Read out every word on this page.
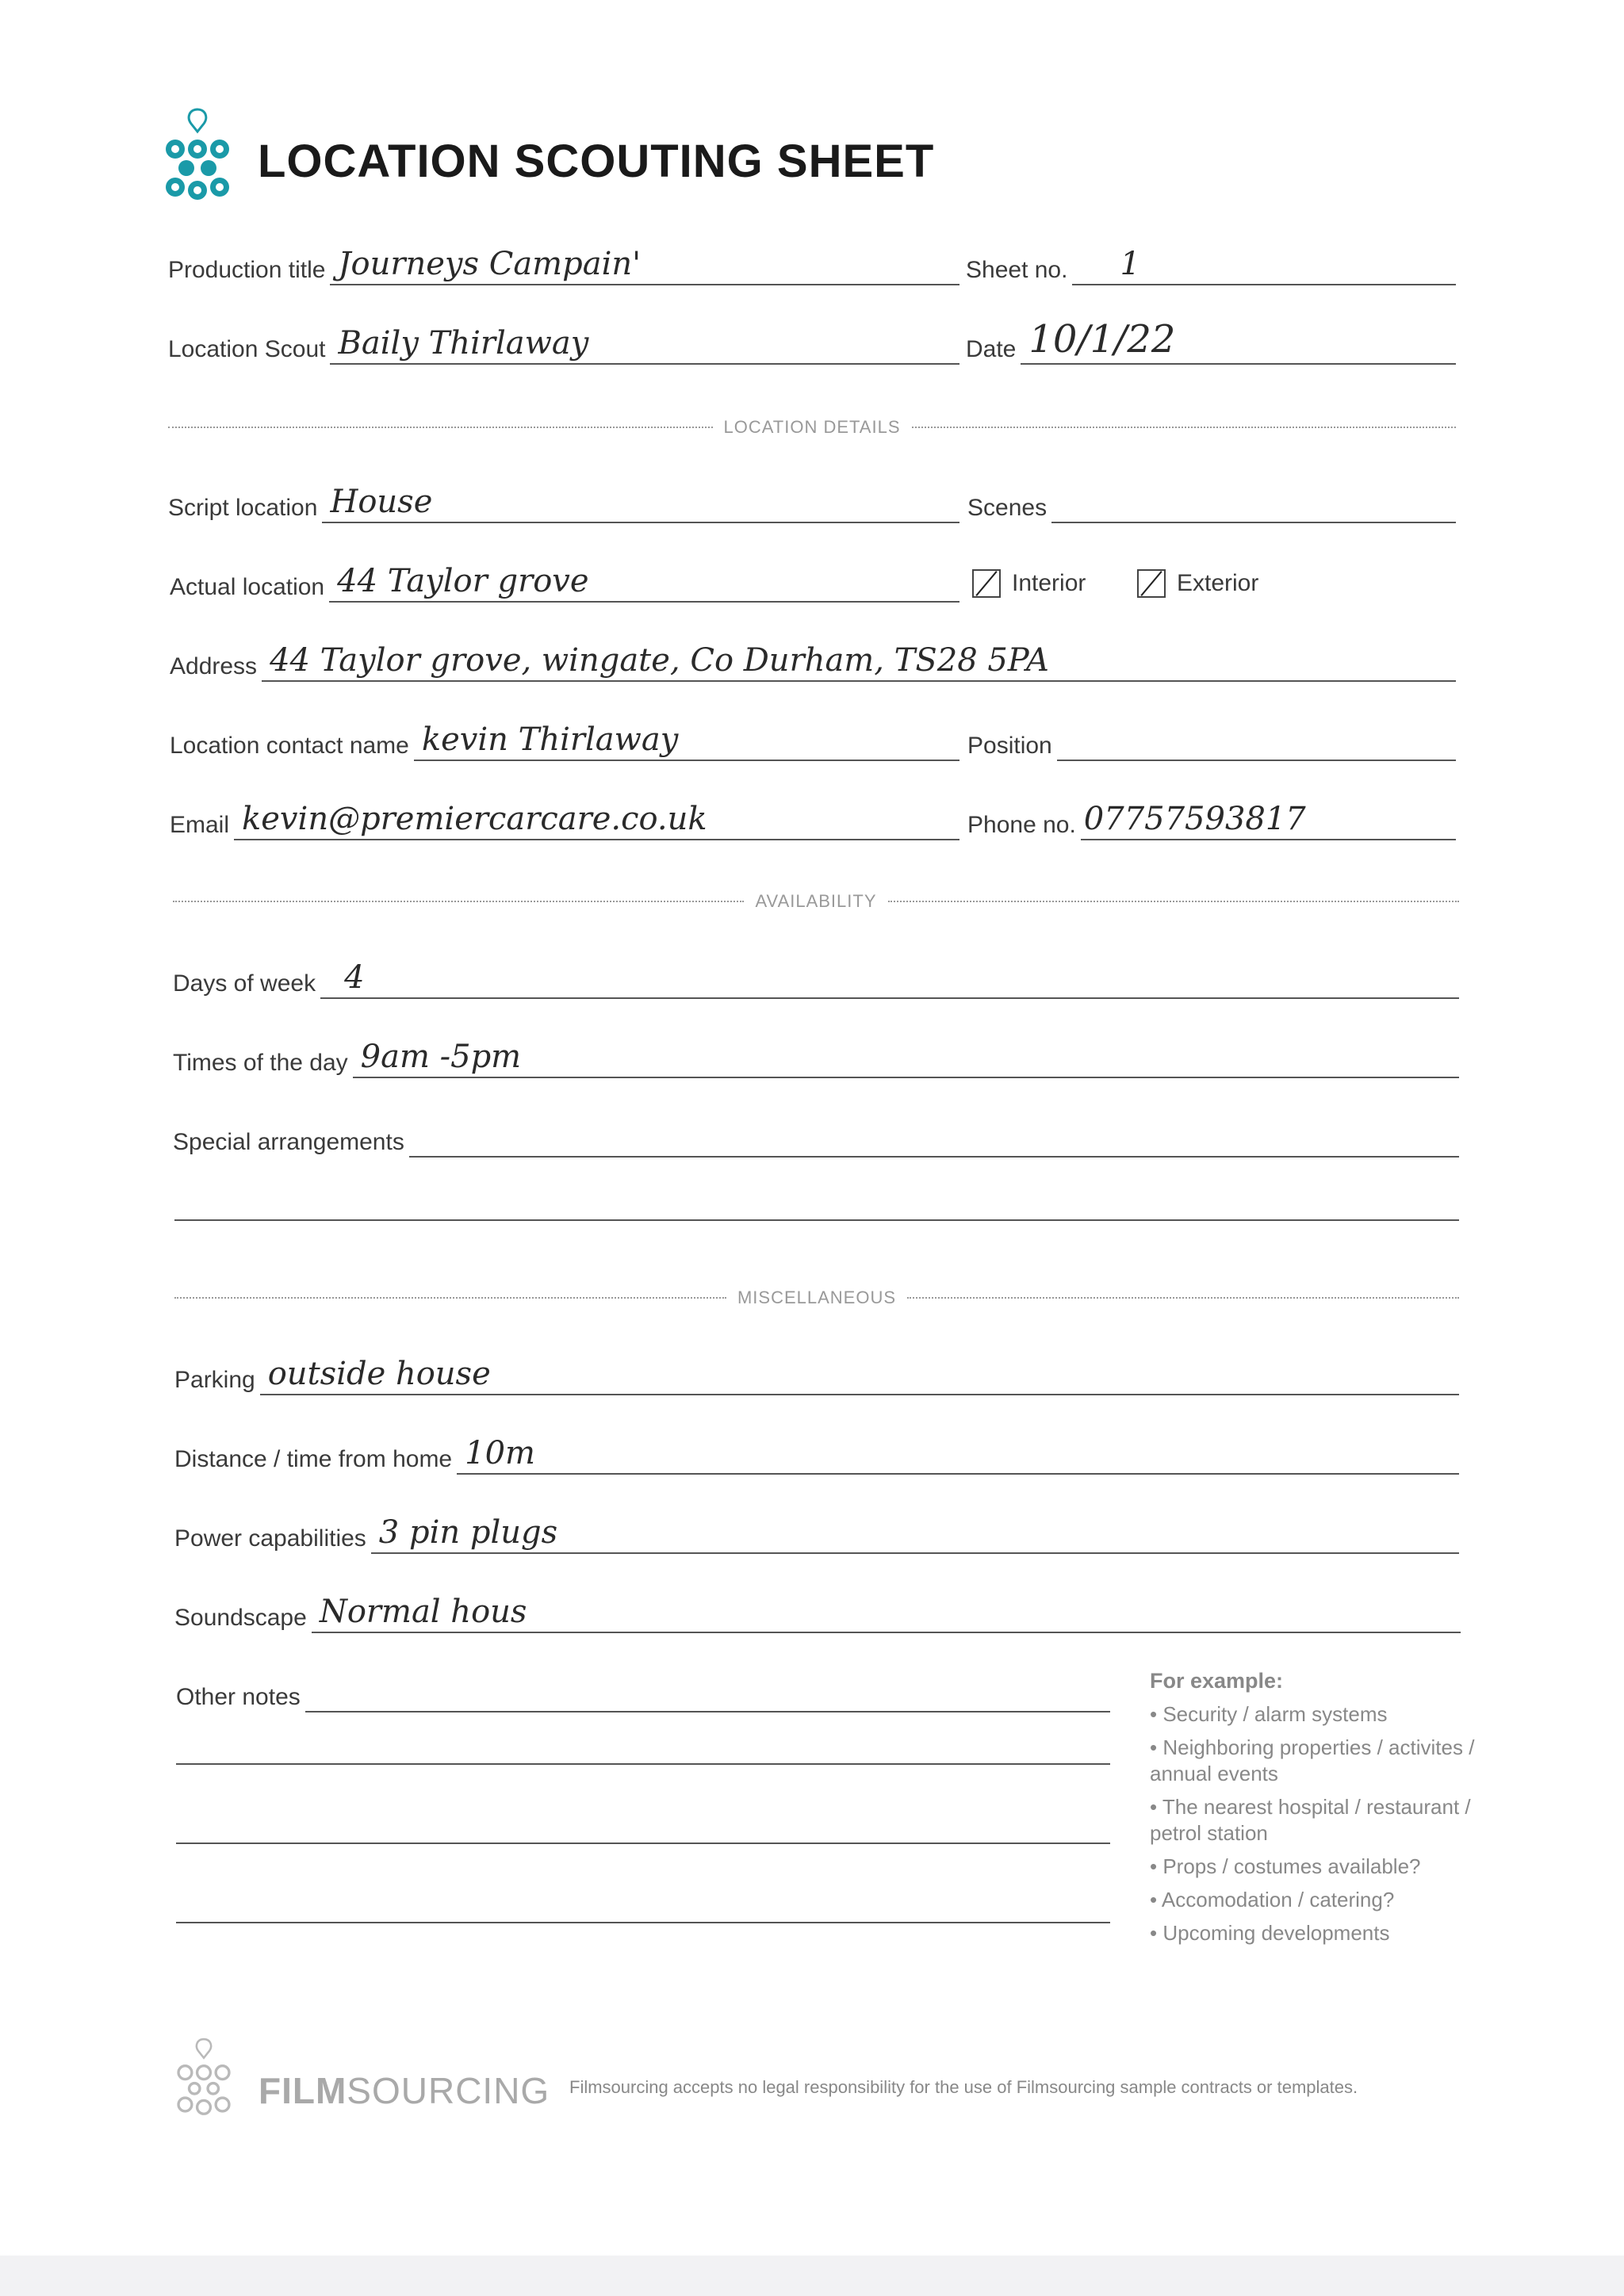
LOCATION SCOUTING SHEET
Production title Journeys Campain'	Sheet no. 1
Location Scout Baily Thirlaway	Date 10/1/22
LOCATION DETAILS
Script location House	Scenes
Actual location 44 Taylor grove	Interior	Exterior
Address 44 Taylor grove, wingate, Co Durham, TS28 5PA
Location contact name kevin Thirlaway	Position
Email kevin@premiercarcare.co.uk	Phone no. 07757593817
AVAILABILITY
Days of week 4
Times of the day 9am -5pm
Special arrangements
MISCELLANEOUS
Parking outside house
Distance / time from home 10m
Power capabilities 3 pin plugs
Soundscape Normal hous
Other notes
For example:
• Security / alarm systems
• Neighboring properties / activites / annual events
• The nearest hospital / restaurant / petrol station
• Props / costumes available?
• Accomodation / catering?
• Upcoming developments
FILMSOURCING Filmsourcing accepts no legal responsibility for the use of Filmsourcing sample contracts or templates.
